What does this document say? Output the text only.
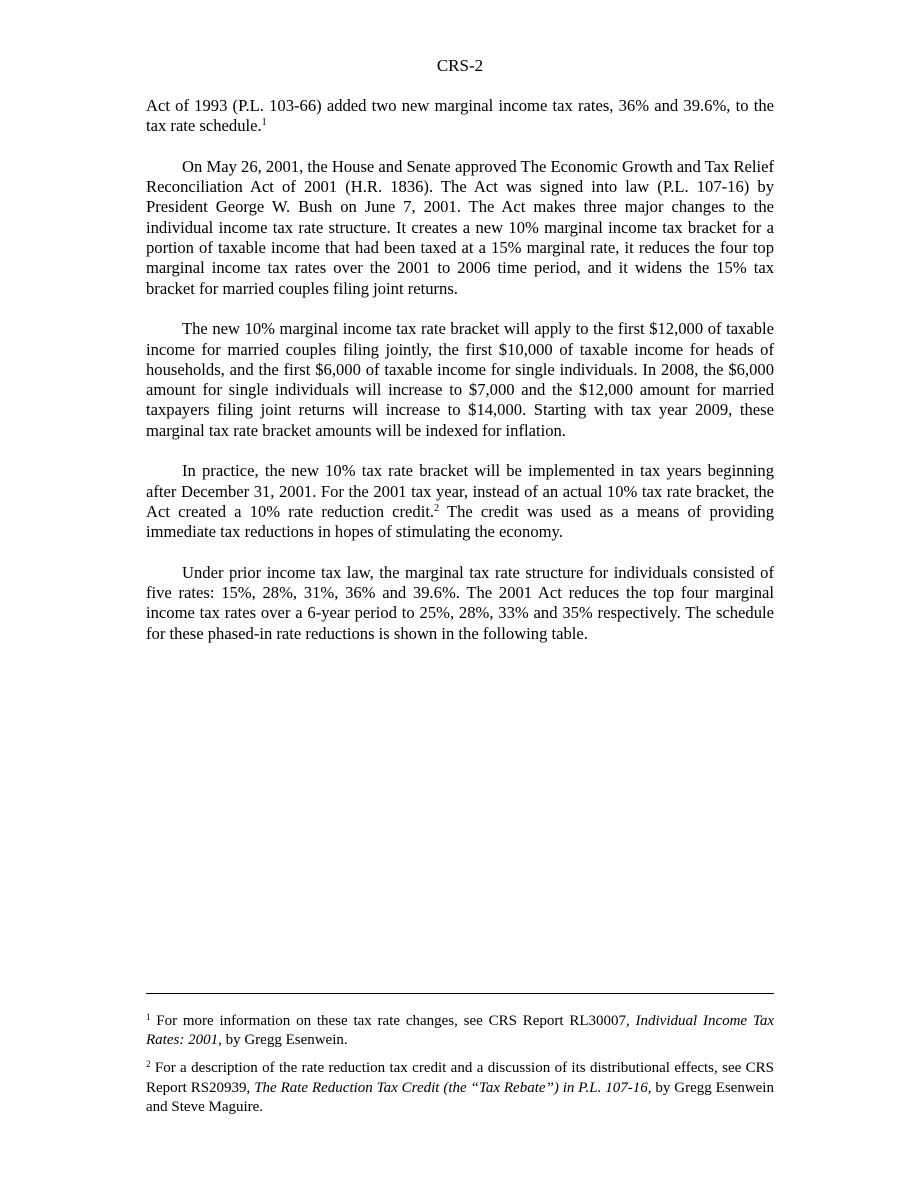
CRS-2

Act of 1993 (P.L. 103-66) added two new marginal income tax rates, 36% and 39.6%, to the tax rate schedule.$^1$

On May 26, 2001, the House and Senate approved The Economic Growth and Tax Relief Reconciliation Act of 2001 (H.R. 1836). The Act was signed into law (P.L. 107-16) by President George W. Bush on June 7, 2001. The Act makes three major changes to the individual income tax rate structure. It creates a new 10% marginal income tax bracket for a portion of taxable income that had been taxed at a 15% marginal rate, it reduces the four top marginal income tax rates over the 2001 to 2006 time period, and it widens the 15% tax bracket for married couples filing joint returns.

The new 10% marginal income tax rate bracket will apply to the first $12,000 of taxable income for married couples filing jointly, the first $10,000 of taxable income for heads of households, and the first $6,000 of taxable income for single individuals. In 2008, the $6,000 amount for single individuals will increase to $7,000 and the $12,000 amount for married taxpayers filing joint returns will increase to $14,000. Starting with tax year 2009, these marginal tax rate bracket amounts will be indexed for inflation.

In practice, the new 10% tax rate bracket will be implemented in tax years beginning after December 31, 2001. For the 2001 tax year, instead of an actual 10% tax rate bracket, the Act created a 10% rate reduction credit.$^2$ The credit was used as a means of providing immediate tax reductions in hopes of stimulating the economy.

Under prior income tax law, the marginal tax rate structure for individuals consisted of five rates: 15%, 28%, 31%, 36% and 39.6%. The 2001 Act reduces the top four marginal income tax rates over a 6-year period to 25%, 28%, 33% and 35% respectively. The schedule for these phased-in rate reductions is shown in the following table.

$^1$ For more information on these tax rate changes, see CRS Report RL30007, Individual Income Tax Rates: 2001, by Gregg Esenwein.

$^2$ For a description of the rate reduction tax credit and a discussion of its distributional effects, see CRS Report RS20939, The Rate Reduction Tax Credit (the “Tax Rebate”) in P.L. 107-16, by Gregg Esenwein and Steve Maguire.
